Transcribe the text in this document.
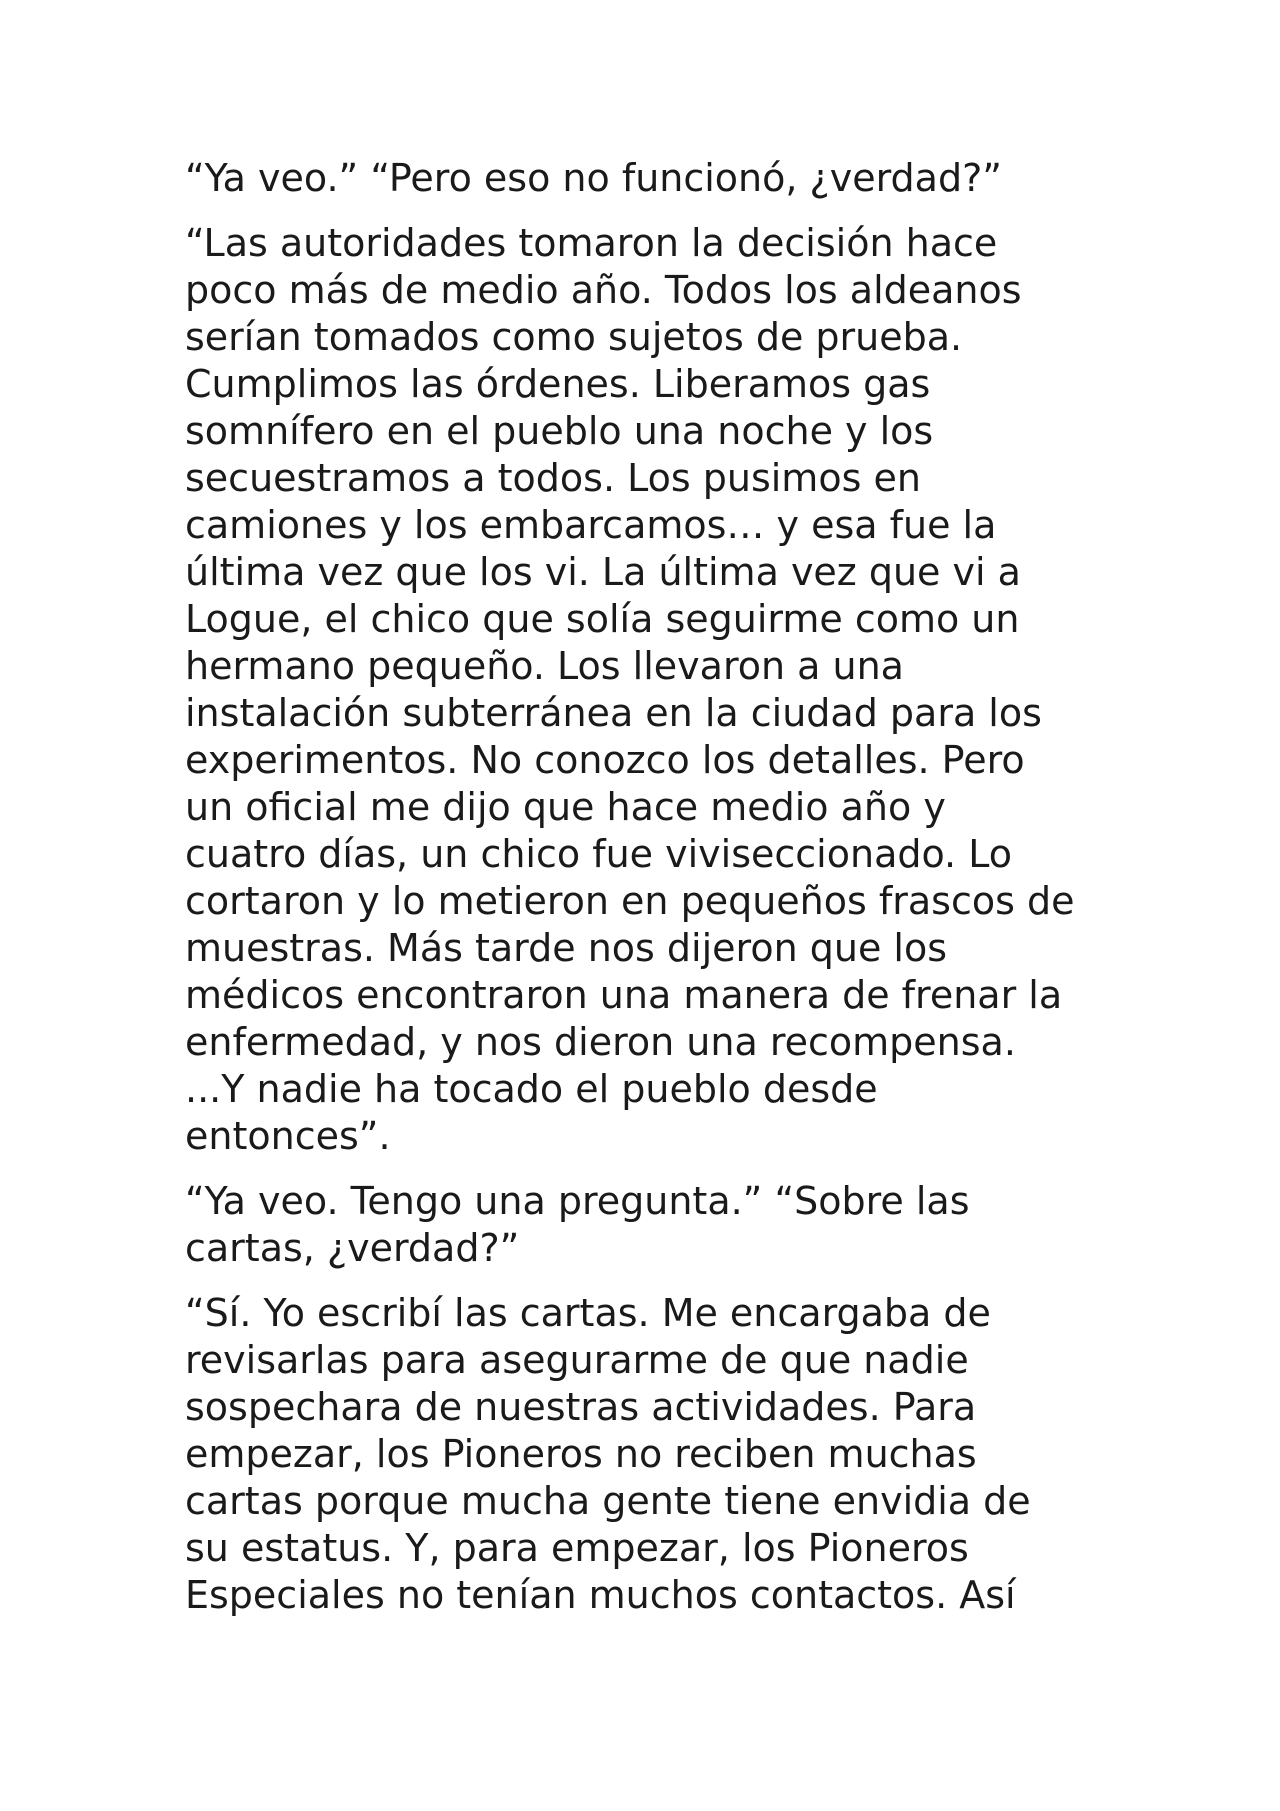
“Ya veo.” “Pero eso no funcionó, ¿verdad?”

“Las autoridades tomaron la decisión hace
poco más de medio año. Todos los aldeanos
serían tomados como sujetos de prueba.
Cumplimos las órdenes. Liberamos gas
somnífero en el pueblo una noche y los
secuestramos a todos. Los pusimos en
camiones y los embarcamos… y esa fue la
última vez que los vi. La última vez que vi a
Logue, el chico que solía seguirme como un
hermano pequeño. Los llevaron a una
instalación subterránea en la ciudad para los
experimentos. No conozco los detalles. Pero
un oficial me dijo que hace medio año y
cuatro días, un chico fue viviseccionado. Lo
cortaron y lo metieron en pequeños frascos de
muestras. Más tarde nos dijeron que los
médicos encontraron una manera de frenar la
enfermedad, y nos dieron una recompensa.
...Y nadie ha tocado el pueblo desde
entonces”.

“Ya veo. Tengo una pregunta.” “Sobre las
cartas, ¿verdad?”

“Sí. Yo escribí las cartas. Me encargaba de
revisarlas para asegurarme de que nadie
sospechara de nuestras actividades. Para
empezar, los Pioneros no reciben muchas
cartas porque mucha gente tiene envidia de
su estatus. Y, para empezar, los Pioneros
Especiales no tenían muchos contactos. Así
